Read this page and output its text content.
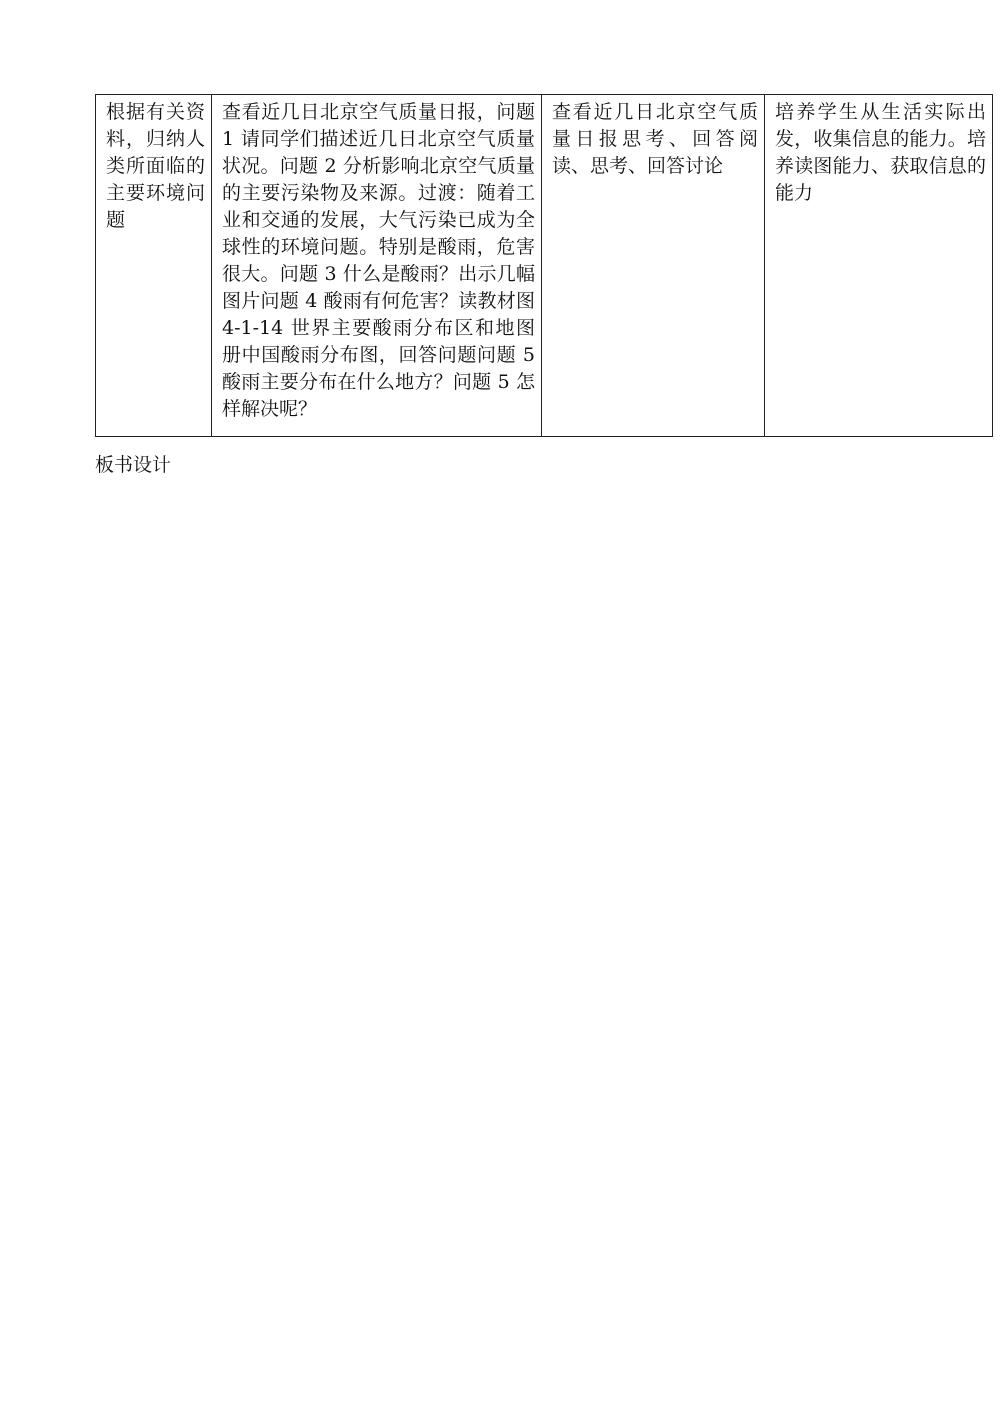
根据有关资料，归纳人类所面临的主要环境问题	查看近几日北京空气质量日报，问题 1 请同学们描述近几日北京空气质量状况。问题 2 分析影响北京空气质量的主要污染物及来源。过渡：随着工业和交通的发展，大气污染已成为全球性的环境问题。特别是酸雨，危害很大。问题 3 什么是酸雨？出示几幅图片问题 4 酸雨有何危害？读教材图 4-1-14 世界主要酸雨分布区和地图册中国酸雨分布图，回答问题问题 5 酸雨主要分布在什么地方？问题 5 怎样解决呢？	查看近几日北京空气质量日报思考、回答阅读、思考、回答讨论	培养学生从生活实际出发，收集信息的能力。培养读图能力、获取信息的能力
板书设计
